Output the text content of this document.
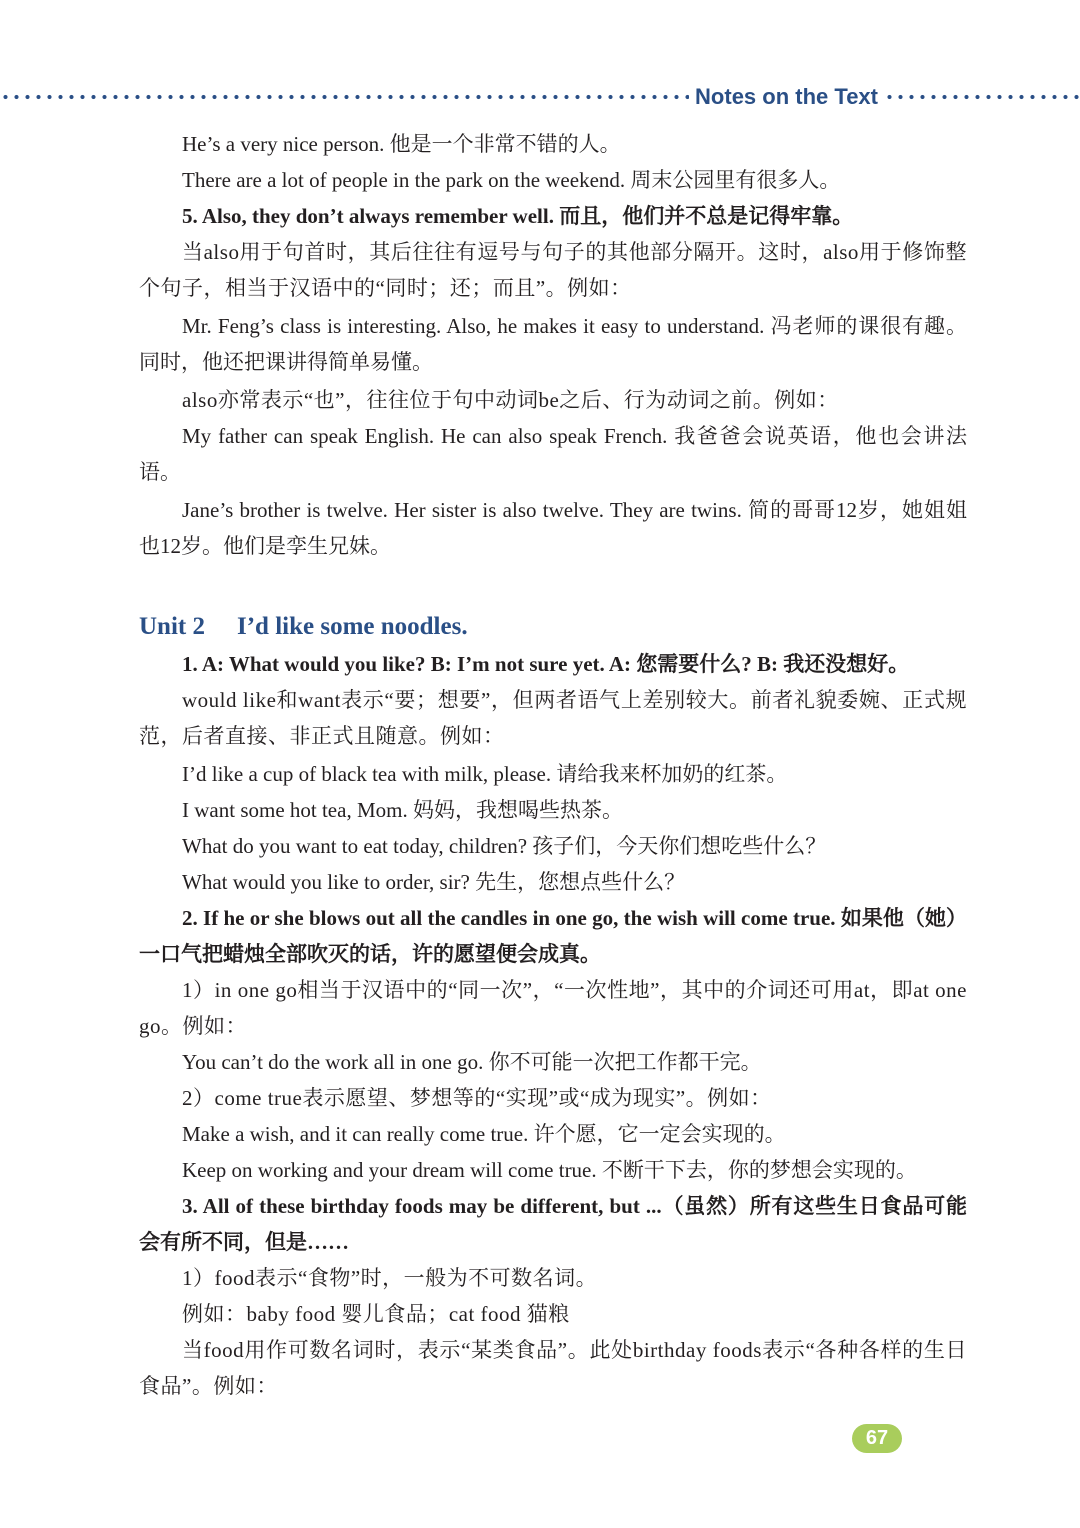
Notes on the Text

He’s a very nice person. 他是一个非常不错的人。

There are a lot of people in the park on the weekend. 周末公园里有很多人。

5. Also, they don’t always remember well. 而且，他们并不总是记得牢靠。

当also用于句首时，其后往往有逗号与句子的其他部分隔开。这时，also用于修饰整个句子，相当于汉语中的“同时；还；而且”。例如：

Mr. Feng’s class is interesting. Also, he makes it easy to understand. 冯老师的课很有趣。同时，他还把课讲得简单易懂。

also亦常表示“也”，往往位于句中动词be之后、行为动词之前。例如：

My father can speak English. He can also speak French. 我爸爸会说英语，他也会讲法语。

Jane’s brother is twelve. Her sister is also twelve. They are twins. 简的哥哥12岁，她姐姐也12岁。他们是孪生兄妹。

Unit 2 I’d like some noodles.

1. A: What would you like? B: I’m not sure yet. A: 您需要什么? B: 我还没想好。

would like和want表示“要；想要”，但两者语气上差别较大。前者礼貌委婉、正式规范，后者直接、非正式且随意。例如：

I’d like a cup of black tea with milk, please. 请给我来杯加奶的红茶。

I want some hot tea, Mom. 妈妈，我想喝些热茶。

What do you want to eat today, children? 孩子们，今天你们想吃些什么？

What would you like to order, sir? 先生，您想点些什么？

2. If he or she blows out all the candles in one go, the wish will come true. 如果他（她）一口气把蜡烛全部吹灭的话，许的愿望便会成真。

1）in one go相当于汉语中的“同一次”，“一次性地”，其中的介词还可用at，即at one go。例如：

You can’t do the work all in one go. 你不可能一次把工作都干完。

2）come true表示愿望、梦想等的“实现”或“成为现实”。例如：

Make a wish, and it can really come true. 许个愿，它一定会实现的。

Keep on working and your dream will come true. 不断干下去，你的梦想会实现的。

3. All of these birthday foods may be different, but ...（虽然）所有这些生日食品可能会有所不同，但是……

1）food表示“食物”时，一般为不可数名词。

例如：baby food 婴儿食品；cat food 猫粮

当food用作可数名词时，表示“某类食品”。此处birthday foods表示“各种各样的生日食品”。例如：

67
